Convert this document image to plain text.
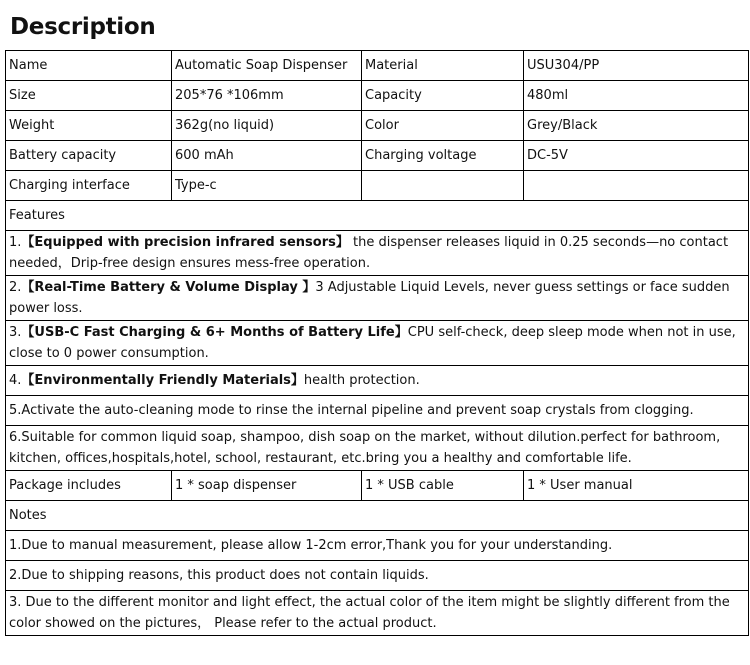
Description
Name	Automatic Soap Dispenser	Material	USU304/PP
Size	205*76 *106mm	Capacity	480ml
Weight	362g(no liquid)	Color	Grey/Black
Battery capacity	600 mAh	Charging voltage	DC-5V
Charging interface	Type-c		
Features			
1.【Equipped with precision infrared sensors】 the dispenser releases liquid in 0.25 seconds—no contact needed，Drip-free design ensures mess-free operation.			
2.【Real-Time Battery & Volume Display 】3 Adjustable Liquid Levels, never guess settings or face sudden power loss.			
3.【USB-C Fast Charging & 6+ Months of Battery Life】CPU self-check, deep sleep mode when not in use, close to 0 power consumption.			
4.【Environmentally Friendly Materials】health protection.			
5.Activate the auto-cleaning mode to rinse the internal pipeline and prevent soap crystals from clogging.			
6.Suitable for common liquid soap, shampoo, dish soap on the market, without dilution.perfect for bathroom, kitchen, offices,hospitals,hotel, school, restaurant, etc.bring you a healthy and comfortable life.			
Package includes	1 * soap dispenser	1 * USB cable	1 * User manual
Notes			
1.Due to manual measurement, please allow 1-2cm error,Thank you for your understanding.			
2.Due to shipping reasons, this product does not contain liquids.			
3. Due to the different monitor and light effect, the actual color of the item might be slightly different from the color showed on the pictures， Please refer to the actual product.			
